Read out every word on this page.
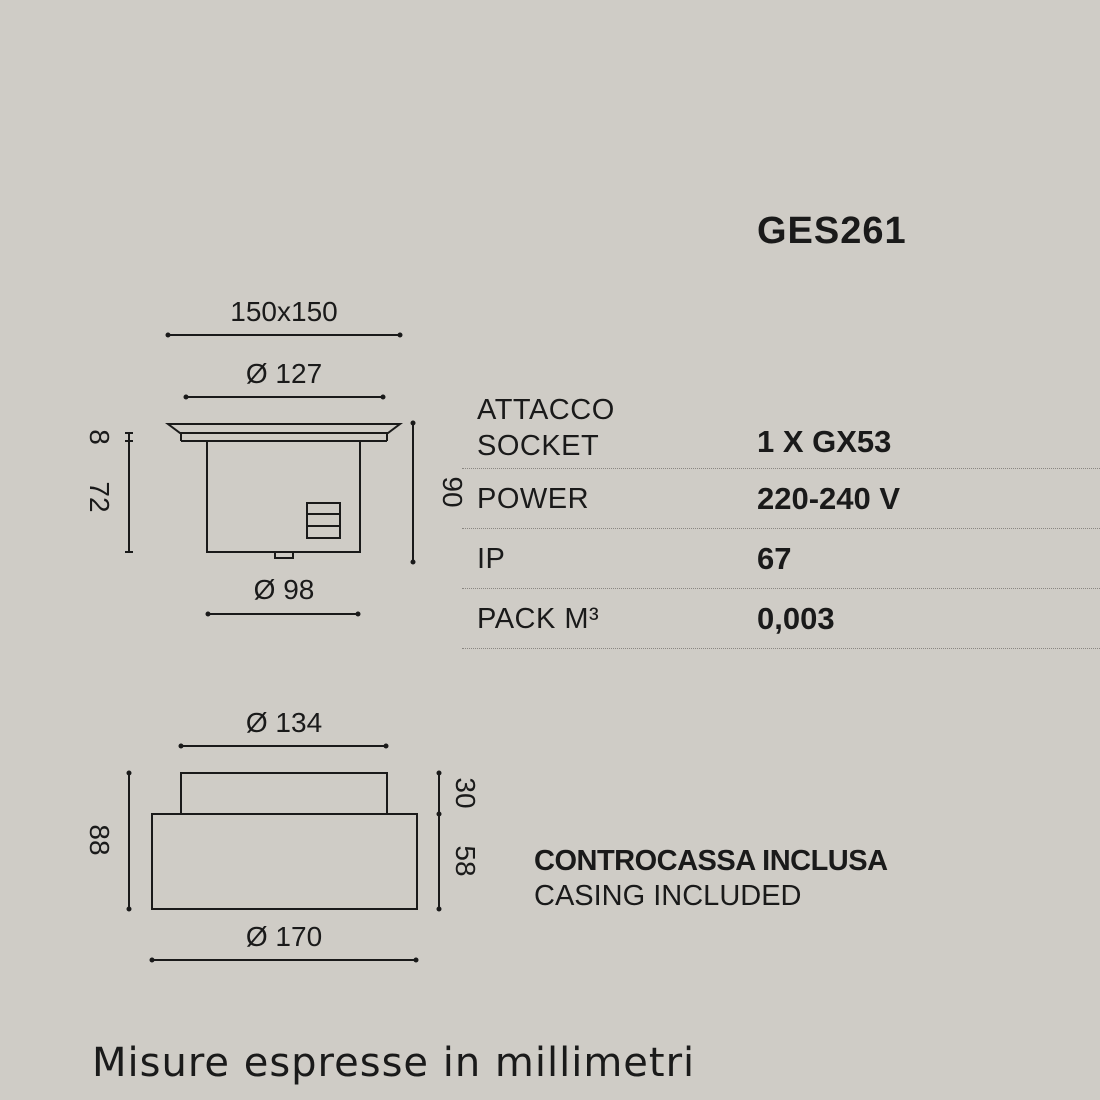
150x150
Ø 127
Ø 98
8
72	90
Ø 134
Ø 170
88
30
58
GES261
ATTACCO
SOCKET	1 X GX53
POWER	220-240 V
IP	67
PACK M³	0,003
CONTROCASSA INCLUSA
CASING INCLUDED
Misure espresse in millimetri
